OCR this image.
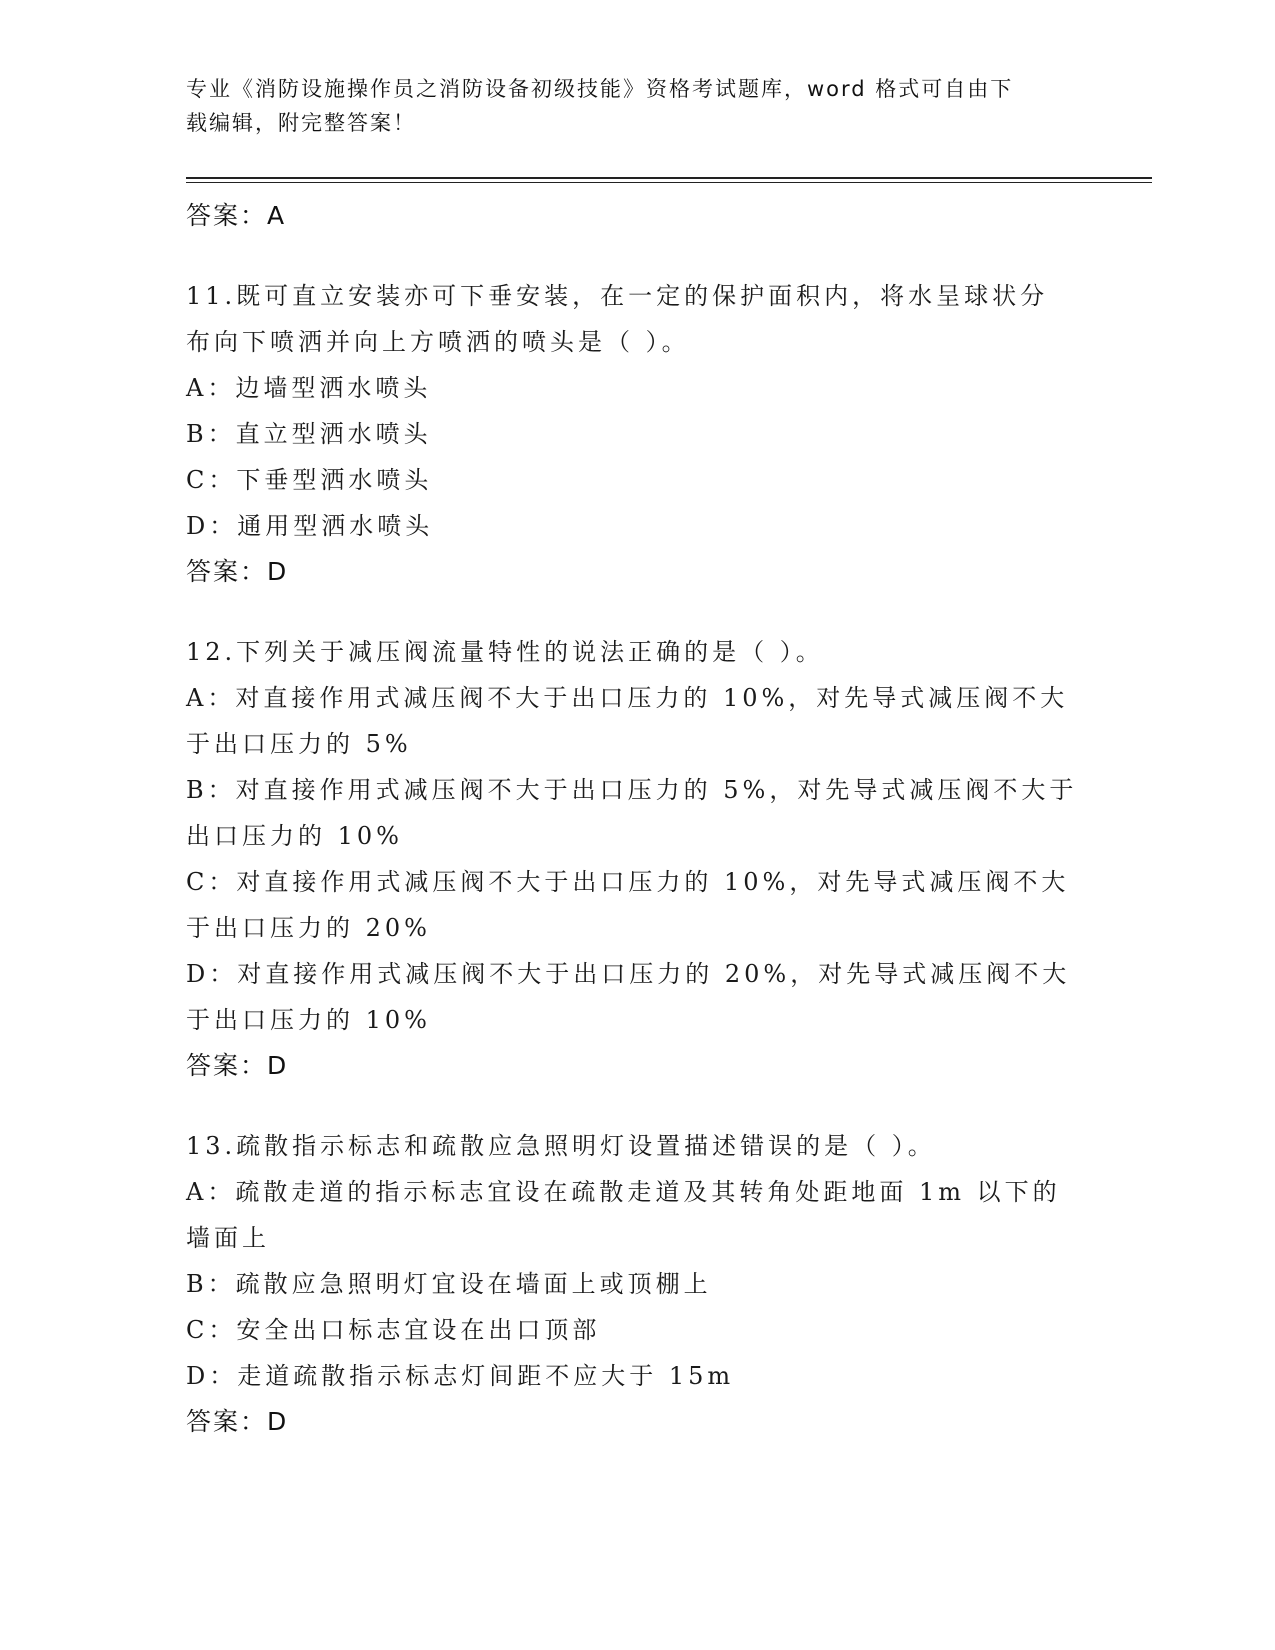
专业《消防设施操作员之消防设备初级技能》资格考试题库，word 格式可自由下
载编辑，附完整答案！
答案：A
11.既可直立安装亦可下垂安装，在一定的保护面积内，将水呈球状分
布向下喷洒并向上方喷洒的喷头是（ ）。
A：边墙型洒水喷头
B：直立型洒水喷头
C：下垂型洒水喷头
D：通用型洒水喷头
答案：D
12.下列关于减压阀流量特性的说法正确的是（ ）。
A：对直接作用式减压阀不大于出口压力的 10%，对先导式减压阀不大
于出口压力的 5%
B：对直接作用式减压阀不大于出口压力的 5%，对先导式减压阀不大于
出口压力的 10%
C：对直接作用式减压阀不大于出口压力的 10%，对先导式减压阀不大
于出口压力的 20%
D：对直接作用式减压阀不大于出口压力的 20%，对先导式减压阀不大
于出口压力的 10%
答案：D
13.疏散指示标志和疏散应急照明灯设置描述错误的是（ ）。
A：疏散走道的指示标志宜设在疏散走道及其转角处距地面 1m 以下的
墙面上
B：疏散应急照明灯宜设在墙面上或顶棚上
C：安全出口标志宜设在出口顶部
D：走道疏散指示标志灯间距不应大于 15m
答案：D
